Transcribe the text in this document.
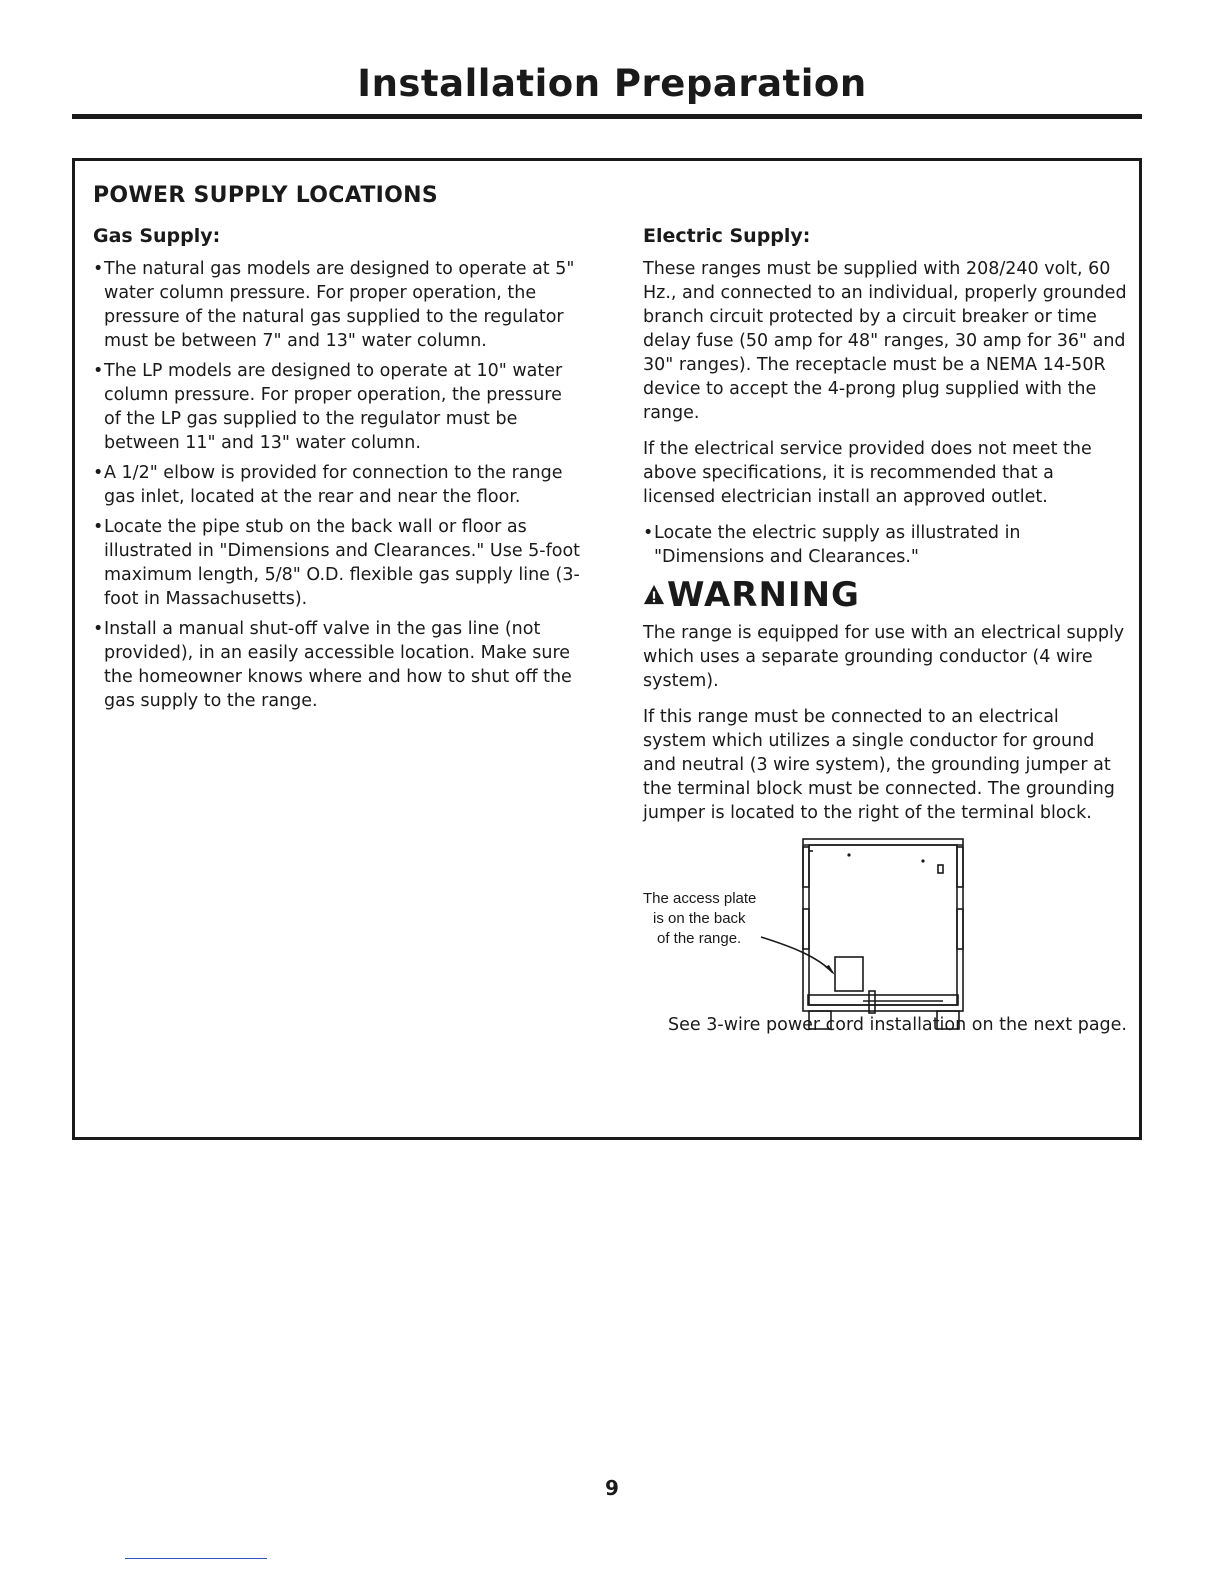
Installation Preparation
POWER SUPPLY LOCATIONS
Gas Supply:
• The natural gas models are designed to operate at 5" water column pressure. For proper operation, the pressure of the natural gas supplied to the regulator must be between 7" and 13" water column.
• The LP models are designed to operate at 10" water column pressure. For proper operation, the pressure of the LP gas supplied to the regulator must be between 11" and 13" water column.
• A 1/2" elbow is provided for connection to the range gas inlet, located at the rear and near the floor.
• Locate the pipe stub on the back wall or floor as illustrated in "Dimensions and Clearances." Use 5-foot maximum length, 5/8" O.D. flexible gas supply line (3-foot in Massachusetts).
• Install a manual shut-off valve in the gas line (not provided), in an easily accessible location. Make sure the homeowner knows where and how to shut off the gas supply to the range.
Electric Supply:

These ranges must be supplied with 208/240 volt, 60 Hz., and connected to an individual, properly grounded branch circuit protected by a circuit breaker or time delay fuse (50 amp for 48" ranges, 30 amp for 36" and 30" ranges). The receptacle must be a NEMA 14-50R device to accept the 4-prong plug supplied with the range.

If the electrical service provided does not meet the above specifications, it is recommended that a licensed electrician install an approved outlet.

• Locate the electric supply as illustrated in "Dimensions and Clearances."
WARNING

The range is equipped for use with an electrical supply which uses a separate grounding conductor (4 wire system).

If this range must be connected to an electrical system which utilizes a single conductor for ground and neutral (3 wire system), the grounding jumper at the terminal block must be connected. The grounding jumper is located to the right of the terminal block.

The access plate
is on the back
of the range.
See 3-wire power cord installation on the next page.
9
